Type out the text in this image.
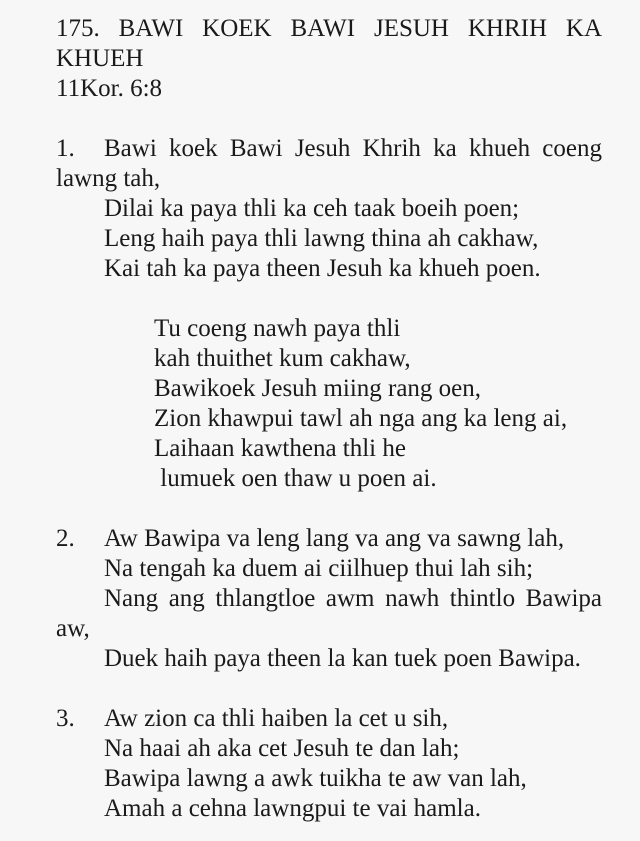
175. BAWI KOEK BAWI JESUH KHRIH KA
KHUEH
11Kor. 6:8
1. Bawi koek Bawi Jesuh Khrih ka khueh coeng
lawng tah,
Dilai ka paya thli ka ceh taak boeih poen;
Leng haih paya thli lawng thina ah cakhaw,
Kai tah ka paya theen Jesuh ka khueh poen.
Tu coeng nawh paya thli
kah thuithet kum cakhaw,
Bawikoek Jesuh miing rang oen,
Zion khawpui tawl ah nga ang ka leng ai,
Laihaan kawthena thli he
lumuek oen thaw u poen ai.
2. Aw Bawipa va leng lang va ang va sawng lah,
Na tengah ka duem ai ciilhuep thui lah sih;
Nang ang thlangtloe awm nawh thintlo Bawipa
aw,
Duek haih paya theen la kan tuek poen Bawipa.
3. Aw zion ca thli haiben la cet u sih,
Na haai ah aka cet Jesuh te dan lah;
Bawipa lawng a awk tuikha te aw van lah,
Amah a cehna lawngpui te vai hamla.
